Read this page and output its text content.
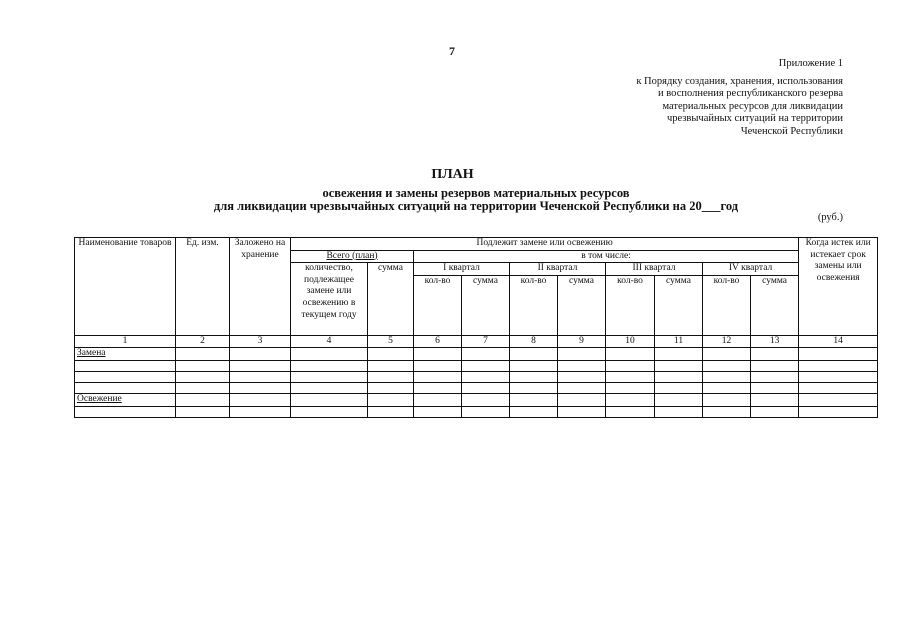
7
Приложение 1
к Порядку создания, хранения, использования
и восполнения республиканского резерва
материальных ресурсов для ликвидации
чрезвычайных ситуаций на территории
Чеченской Республики
ПЛАН
освежения и замены резервов материальных ресурсов
для ликвидации чрезвычайных ситуаций на территории Чеченской Республики на 20___год
(руб.)
Наименование товаров	Ед. изм.	Заложено на хранение	Подлежит замене или освежению										Когда истек или истекает срок замены или освежения
			Всего (план)		в том числе:								
			количество, подлежащее замене или освежению в текущем году	сумма	I квартал		II квартал		III квартал		IV квартал		
					кол-во	сумма	кол-во	сумма	кол-во	сумма	кол-во	сумма	
1	2	3	4	5	6	7	8	9	10	11	12	13	14
Замена													

Освежение													
